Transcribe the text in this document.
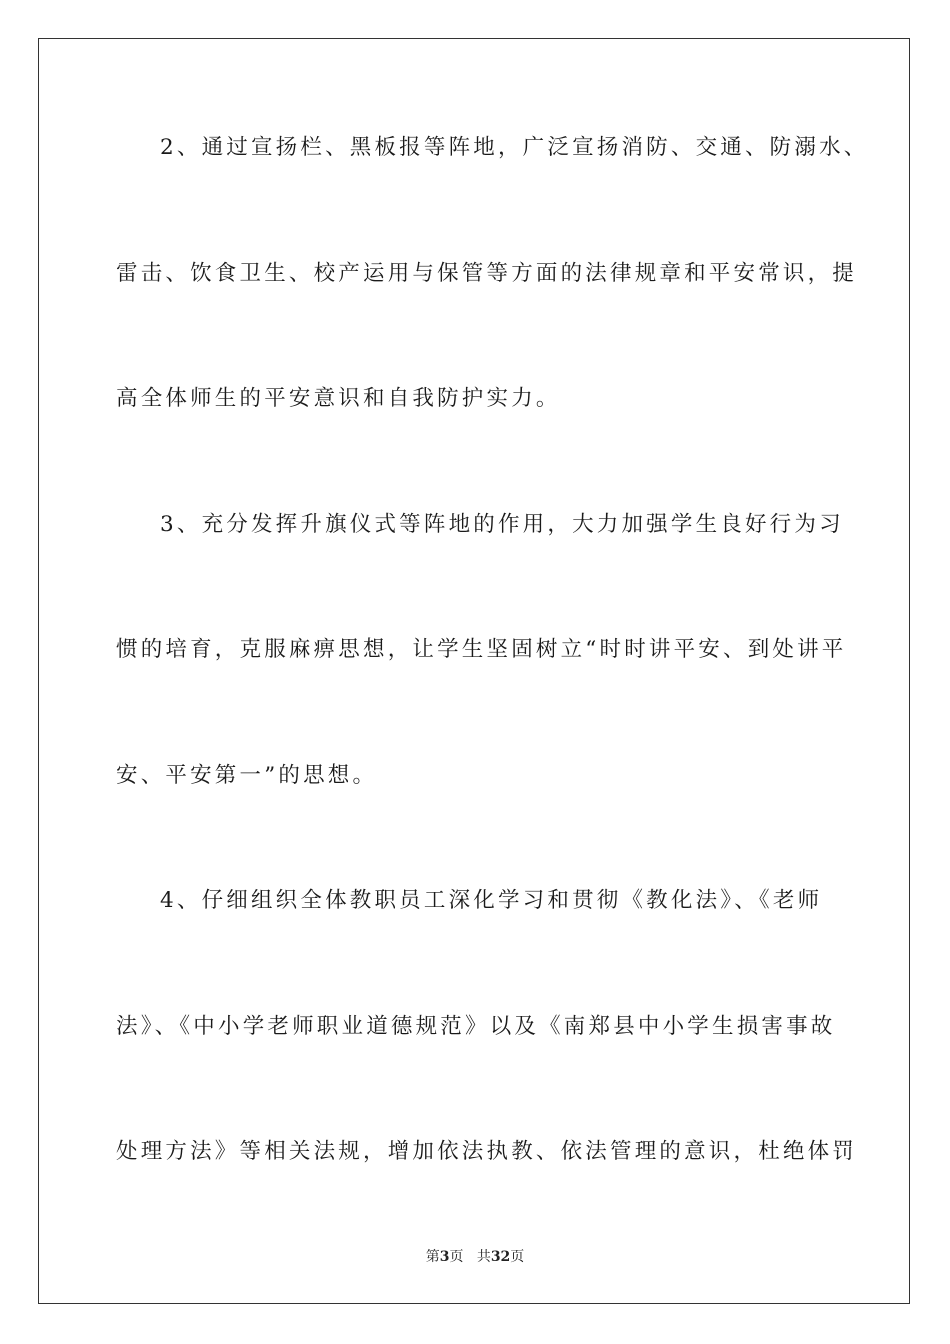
2、通过宣扬栏、黑板报等阵地，广泛宣扬消防、交通、防溺水、
雷击、饮食卫生、校产运用与保管等方面的法律规章和平安常识，提
高全体师生的平安意识和自我防护实力。
3、充分发挥升旗仪式等阵地的作用，大力加强学生良好行为习
惯的培育，克服麻痹思想，让学生坚固树立“时时讲平安、到处讲平
安、平安第一”的思想。
4、仔细组织全体教职员工深化学习和贯彻《教化法》、《老师
法》、《中小学老师职业道德规范》以及《南郑县中小学生损害事故
处理方法》等相关法规，增加依法执教、依法管理的意识，杜绝体罚
第3页 共32页
